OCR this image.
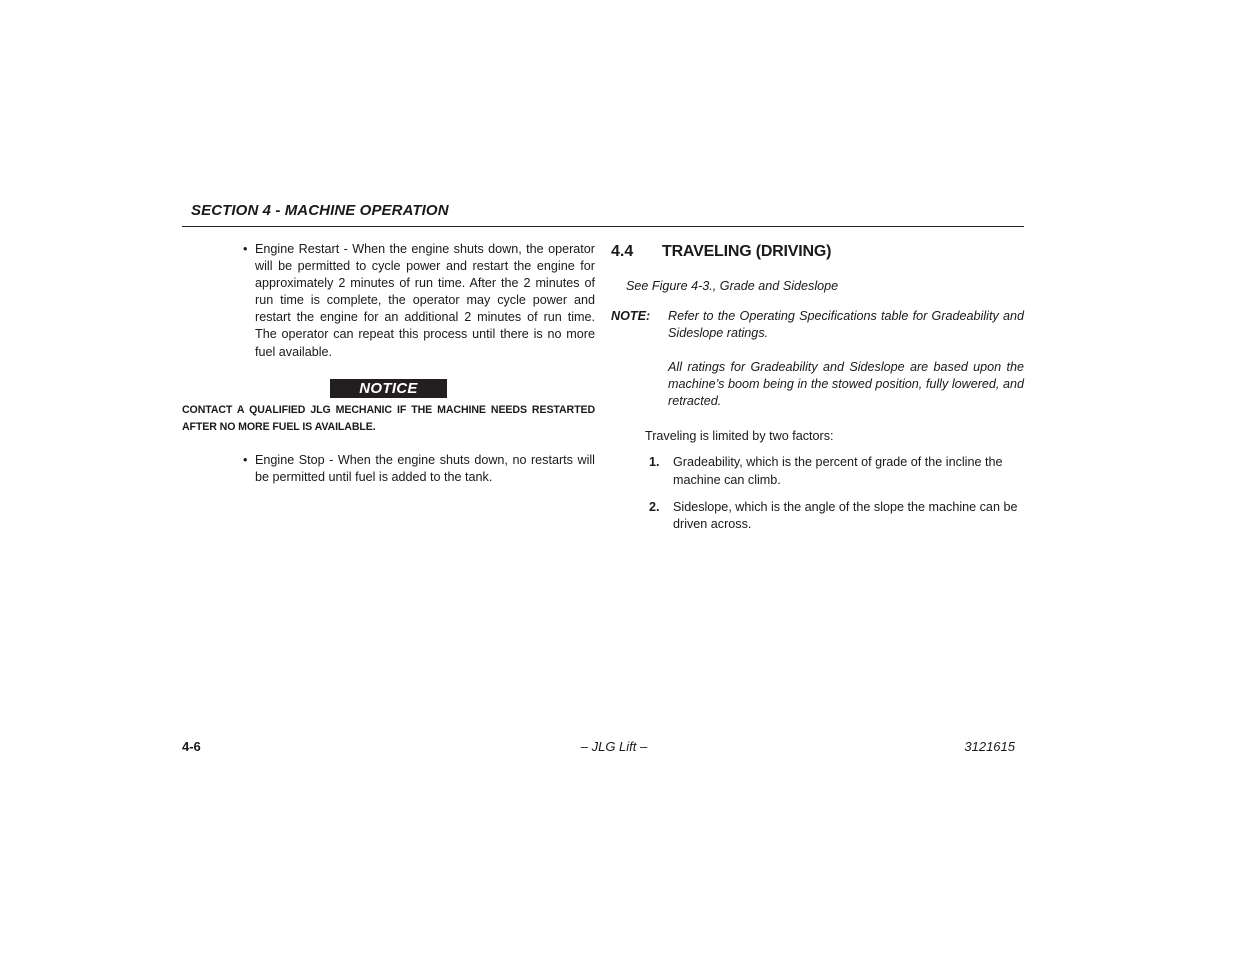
SECTION 4 - MACHINE OPERATION
• Engine Restart - When the engine shuts down, the operator will be permitted to cycle power and restart the engine for approximately 2 minutes of run time. After the 2 minutes of run time is complete, the operator may cycle power and restart the engine for an additional 2 minutes of run time. The operator can repeat this process until there is no more fuel available.
NOTICE
CONTACT A QUALIFIED JLG MECHANIC IF THE MACHINE NEEDS RESTARTED AFTER NO MORE FUEL IS AVAILABLE.
• Engine Stop - When the engine shuts down, no restarts will be permitted until fuel is added to the tank.
4.4 TRAVELING (DRIVING)
See Figure 4-3., Grade and Sideslope
NOTE: Refer to the Operating Specifications table for Gradeability and Sideslope ratings.

All ratings for Gradeability and Sideslope are based upon the machine’s boom being in the stowed position, fully lowered, and retracted.

Traveling is limited by two factors:
1. Gradeability, which is the percent of grade of the incline the machine can climb.
2. Sideslope, which is the angle of the slope the machine can be driven across.
4-6	– JLG Lift –	3121615
